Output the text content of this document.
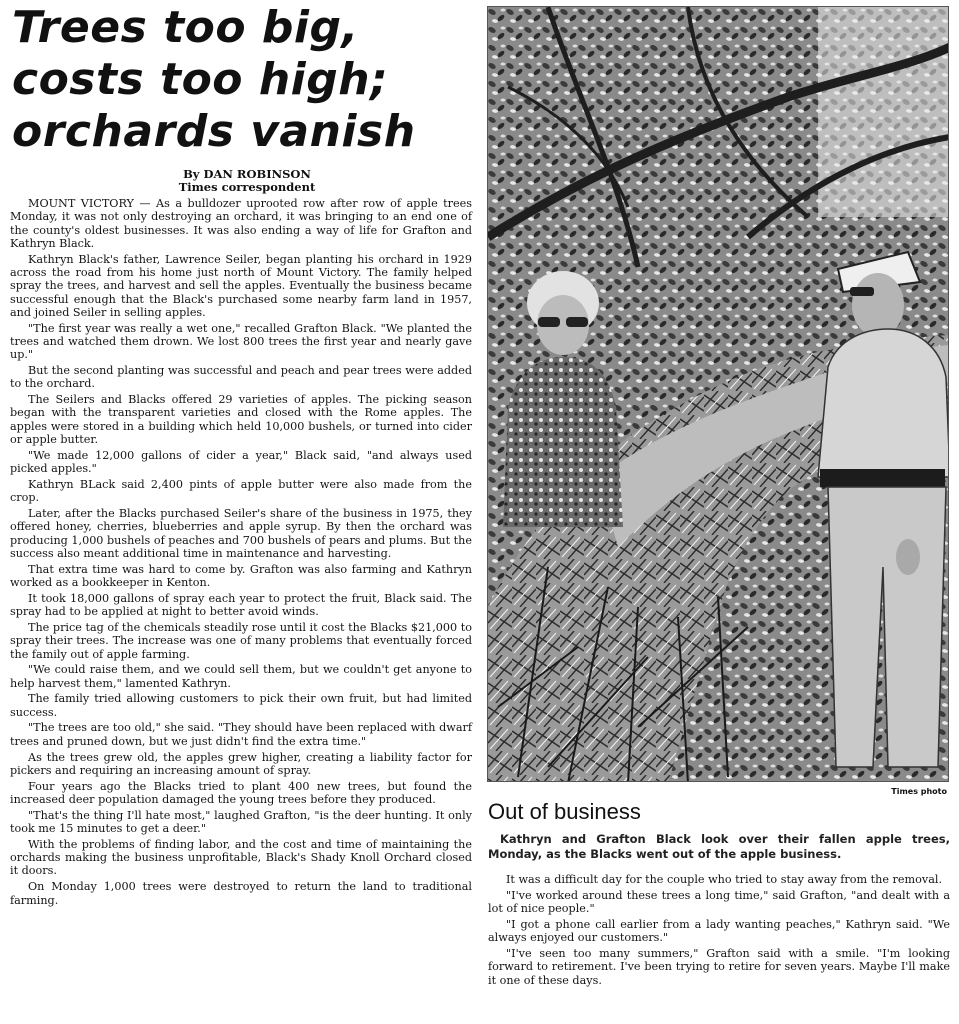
Trees too big,
costs too high;
orchards vanish
By DAN ROBINSON
Times correspondent

MOUNT VICTORY — As a bulldozer uprooted row after row of apple trees Monday, it was not only destroying an orchard, it was bringing to an end one of the county's oldest businesses. It was also ending a way of life for Grafton and Kathryn Black.

Kathryn Black's father, Lawrence Seiler, began planting his orchard in 1929 across the road from his home just north of Mount Victory. The family helped spray the trees, and harvest and sell the apples. Eventually the business became successful enough that the Black's purchased some nearby farm land in 1957, and joined Seiler in selling apples.

"The first year was really a wet one," recalled Grafton Black. "We planted the trees and watched them drown. We lost 800 trees the first year and nearly gave up."

But the second planting was successful and peach and pear trees were added to the orchard.

The Seilers and Blacks offered 29 varieties of apples. The picking season began with the transparent varieties and closed with the Rome apples. The apples were stored in a building which held 10,000 bushels, or turned into cider or apple butter.

"We made 12,000 gallons of cider a year," Black said, "and always used picked apples."

Kathryn BLack said 2,400 pints of apple butter were also made from the crop.

Later, after the Blacks purchased Seiler's share of the business in 1975, they offered honey, cherries, blueberries and apple syrup. By then the orchard was producing 1,000 bushels of peaches and 700 bushels of pears and plums. But the success also meant additional time in maintenance and harvesting.

That extra time was hard to come by. Grafton was also farming and Kathryn worked as a bookkeeper in Kenton.

It took 18,000 gallons of spray each year to protect the fruit, Black said. The spray had to be applied at night to better avoid winds.

The price tag of the chemicals steadily rose until it cost the Blacks $21,000 to spray their trees. The increase was one of many problems that eventually forced the family out of apple farming.

"We could raise them, and we could sell them, but we couldn't get anyone to help harvest them," lamented Kathryn.

The family tried allowing customers to pick their own fruit, but had limited success.

"The trees are too old," she said. "They should have been replaced with dwarf trees and pruned down, but we just didn't find the extra time."

As the trees grew old, the apples grew higher, creating a liability factor for pickers and requiring an increasing amount of spray.

Four years ago the Blacks tried to plant 400 new trees, but found the increased deer population damaged the young trees before they produced.

"That's the thing I'll hate most," laughed Grafton, "is the deer hunting. It only took me 15 minutes to get a deer."

With the problems of finding labor, and the cost and time of maintaining the orchards making the business unprofitable, Black's Shady Knoll Orchard closed it doors.

On Monday 1,000 trees were destroyed to return the land to traditional farming.

Times photo
Out of business
Kathryn and Grafton Black look over their fallen apple trees, Monday, as the Blacks went out of the apple business.

It was a difficult day for the couple who tried to stay away from the removal.

"I've worked around these trees a long time," said Grafton, "and dealt with a lot of nice people."

"I got a phone call earlier from a lady wanting peaches," Kathryn said. "We always enjoyed our customers."

"I've seen too many summers," Grafton said with a smile. "I'm looking forward to retirement. I've been trying to retire for seven years. Maybe I'll make it one of these days.
